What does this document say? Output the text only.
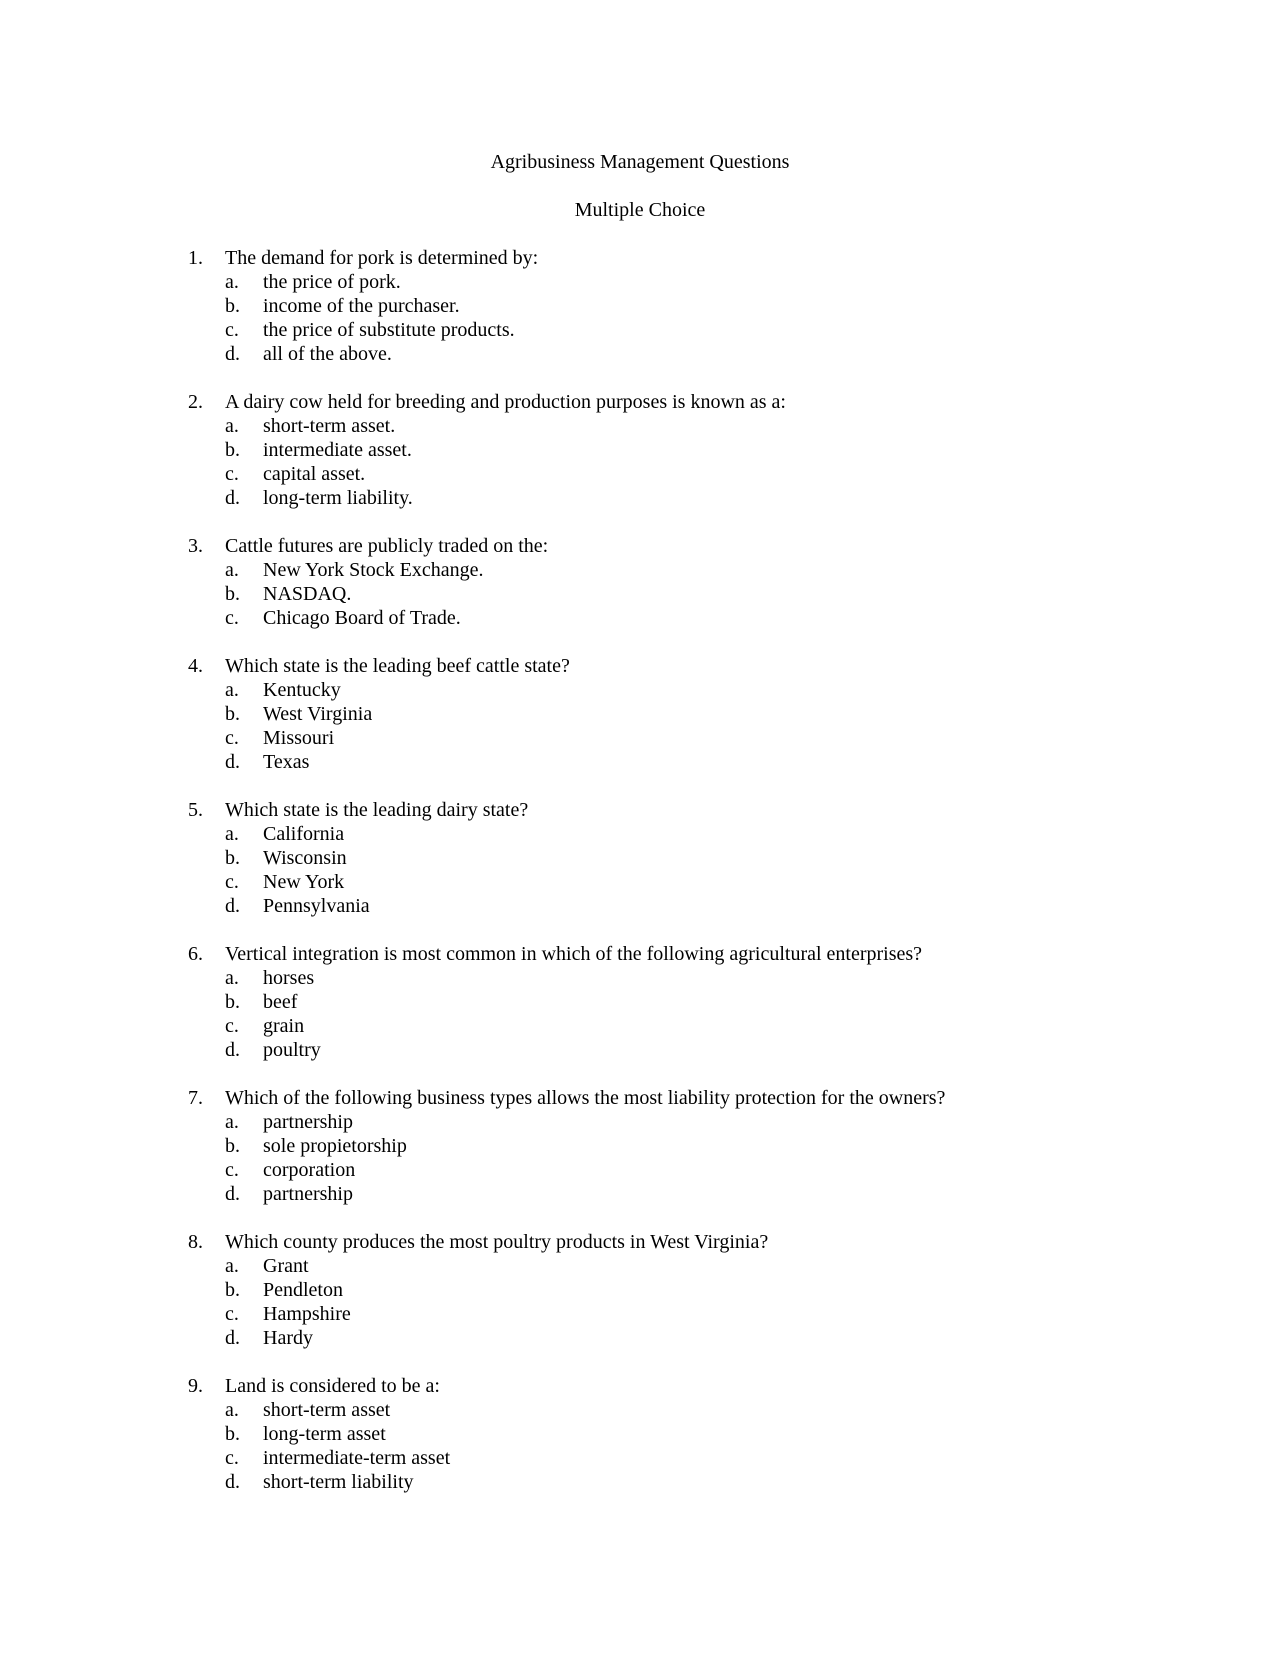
Agribusiness Management Questions
Multiple Choice
1. The demand for pork is determined by:
a. the price of pork.
b. income of the purchaser.
c. the price of substitute products.
d. all of the above.
2. A dairy cow held for breeding and production purposes is known as a:
a. short-term asset.
b. intermediate asset.
c. capital asset.
d. long-term liability.
3. Cattle futures are publicly traded on the:
a. New York Stock Exchange.
b. NASDAQ.
c. Chicago Board of Trade.
4. Which state is the leading beef cattle state?
a. Kentucky
b. West Virginia
c. Missouri
d. Texas
5. Which state is the leading dairy state?
a. California
b. Wisconsin
c. New York
d. Pennsylvania
6. Vertical integration is most common in which of the following agricultural enterprises?
a. horses
b. beef
c. grain
d. poultry
7. Which of the following business types allows the most liability protection for the owners?
a. partnership
b. sole propietorship
c. corporation
d. partnership
8. Which county produces the most poultry products in West Virginia?
a. Grant
b. Pendleton
c. Hampshire
d. Hardy
9. Land is considered to be a:
a. short-term asset
b. long-term asset
c. intermediate-term asset
d. short-term liability
